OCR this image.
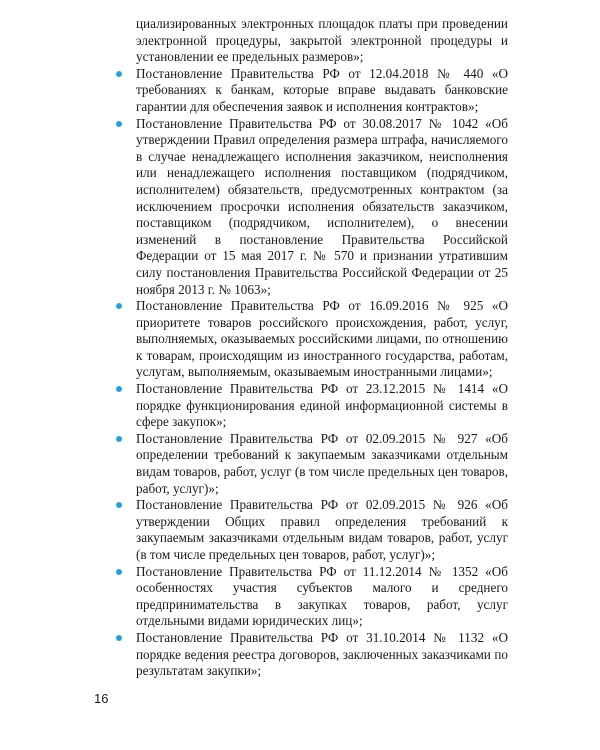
циализированных электронных площадок платы при проведении электронной процедуры, закрытой электронной процедуры и установлении ее предельных размеров»;

Постановление Правительства РФ от 12.04.2018 № 440 «О требованиях к банкам, которые вправе выдавать банковские гарантии для обеспечения заявок и исполнения контрактов»;
Постановление Правительства РФ от 30.08.2017 № 1042 «Об утверждении Правил определения размера штрафа, начисляемого в случае ненадлежащего исполнения заказчиком, неисполнения или ненадлежащего исполнения поставщиком (подрядчиком, исполнителем) обязательств, предусмотренных контрактом (за исключением просрочки исполнения обязательств заказчиком, поставщиком (подрядчиком, исполнителем), о внесении изменений в постановление Правительства Российской Федерации от 15 мая 2017 г. № 570 и признании утратившим силу постановления Правительства Российской Федерации от 25 ноября 2013 г. № 1063»;
Постановление Правительства РФ от 16.09.2016 № 925 «О приоритете товаров российского происхождения, работ, услуг, выполняемых, оказываемых российскими лицами, по отношению к товарам, происходящим из иностранного государства, работам, услугам, выполняемым, оказываемым иностранными лицами»;
Постановление Правительства РФ от 23.12.2015 № 1414 «О порядке функционирования единой информационной системы в сфере закупок»;
Постановление Правительства РФ от 02.09.2015 № 927 «Об определении требований к закупаемым заказчиками отдельным видам товаров, работ, услуг (в том числе предельных цен товаров, работ, услуг)»;
Постановление Правительства РФ от 02.09.2015 № 926 «Об утверждении Общих правил определения требований к закупаемым заказчиками отдельным видам товаров, работ, услуг (в том числе предельных цен товаров, работ, услуг)»;
Постановление Правительства РФ от 11.12.2014 № 1352 «Об особенностях участия субъектов малого и среднего предпринимательства в закупках товаров, работ, услуг отдельными видами юридических лиц»;
Постановление Правительства РФ от 31.10.2014 № 1132 «О порядке ведения реестра договоров, заключенных заказчиками по результатам закупки»;
16
